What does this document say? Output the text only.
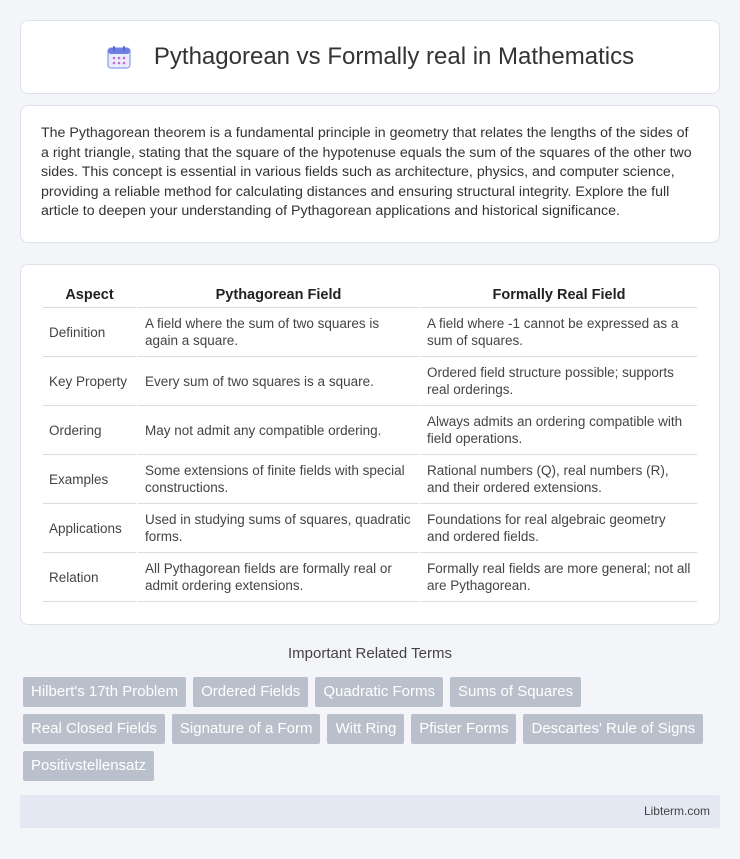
Pythagorean vs Formally real in Mathematics

The Pythagorean theorem is a fundamental principle in geometry that relates the lengths of the sides of a right triangle, stating that the square of the hypotenuse equals the sum of the squares of the other two sides. This concept is essential in various fields such as architecture, physics, and computer science, providing a reliable method for calculating distances and ensuring structural integrity. Explore the full article to deepen your understanding of Pythagorean applications and historical significance.

Aspect	Pythagorean Field	Formally Real Field
Definition	A field where the sum of two squares is again a square.	A field where -1 cannot be expressed as a sum of squares.
Key Property	Every sum of two squares is a square.	Ordered field structure possible; supports real orderings.
Ordering	May not admit any compatible ordering.	Always admits an ordering compatible with field operations.
Examples	Some extensions of finite fields with special constructions.	Rational numbers (Q), real numbers (R), and their ordered extensions.
Applications	Used in studying sums of squares, quadratic forms.	Foundations for real algebraic geometry and ordered fields.
Relation	All Pythagorean fields are formally real or admit ordering extensions.	Formally real fields are more general; not all are Pythagorean.
Important Related Terms
Hilbert's 17th Problem	Ordered Fields	Quadratic Forms	Sums of Squares
Real Closed Fields	Signature of a Form	Witt Ring	Pfister Forms	Descartes' Rule of Signs
Positivstellensatz
Libterm.com
